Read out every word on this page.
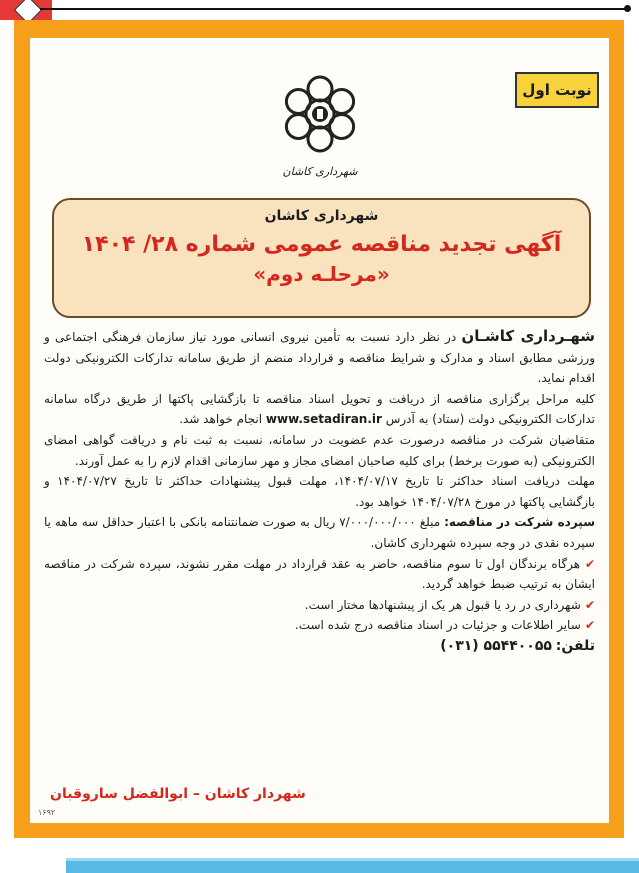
نوبت اول
شهرداری کاشان
شهرداری کاشان
آگهی تجدید مناقصه عمومی شماره ۲۸/ ۱۴۰۴
«مرحلـه دوم»

شهـرداری کاشـان در نظر دارد نسبت به تأمین نیروی انسانی مورد نیاز سازمان فرهنگی اجتماعی و ورزشی مطابق اسناد و مدارک و شرایط مناقصه و قرارداد منضم از طریق سامانه تدارکات الکترونیکی دولت اقدام نماید.

کلیه مراحل برگزاری مناقصه از دریافت و تحویل اسناد مناقصه تا بازگشایی پاکتها از طریق درگاه سامانه تدارکات الکترونیکی دولت (ستاد) به آدرس www.setadiran.ir انجام خواهد شد.

متقاضیان شرکت در مناقصه درصورت عدم عضویت در سامانه، نسبت به ثبت نام و دریافت گواهی امضای الکترونیکی (به صورت برخط) برای کلیه صاحبان امضای مجاز و مهر سازمانی اقدام لازم را به عمل آورند.

مهلت دریافت اسناد حداکثر تا تاریخ ۱۴۰۴/۰۷/۱۷، مهلت قبول پیشنهادات حداکثر تا تاریخ ۱۴۰۴/۰۷/۲۷ و بازگشایی پاکتها در مورخ ۱۴۰۴/۰۷/۲۸ خواهد بود.

سپرده شرکت در مناقصه: مبلغ ۷/۰۰۰/۰۰۰/۰۰۰ ریال به صورت ضمانتنامه بانکی با اعتبار حداقل سه ماهه یا سپرده نقدی در وجه سپرده شهرداری کاشان.

✔ هرگاه برندگان اول تا سوم مناقصه، حاضر به عقد قرارداد در مهلت مقرر نشوند، سپرده شرکت در مناقصه ایشان به ترتیب ضبط خواهد گردید.

✔ شهرداری در رد یا قبول هر یک از پیشنهادها مختار است.

✔ سایر اطلاعات و جزئیات در اسناد مناقصه درج شده است.

تلفن: (۰۳۱) ۵۵۴۴۰۰۵۵

شهردار کاشان – ابوالفضل ساروقبان
۱۶۹۲
